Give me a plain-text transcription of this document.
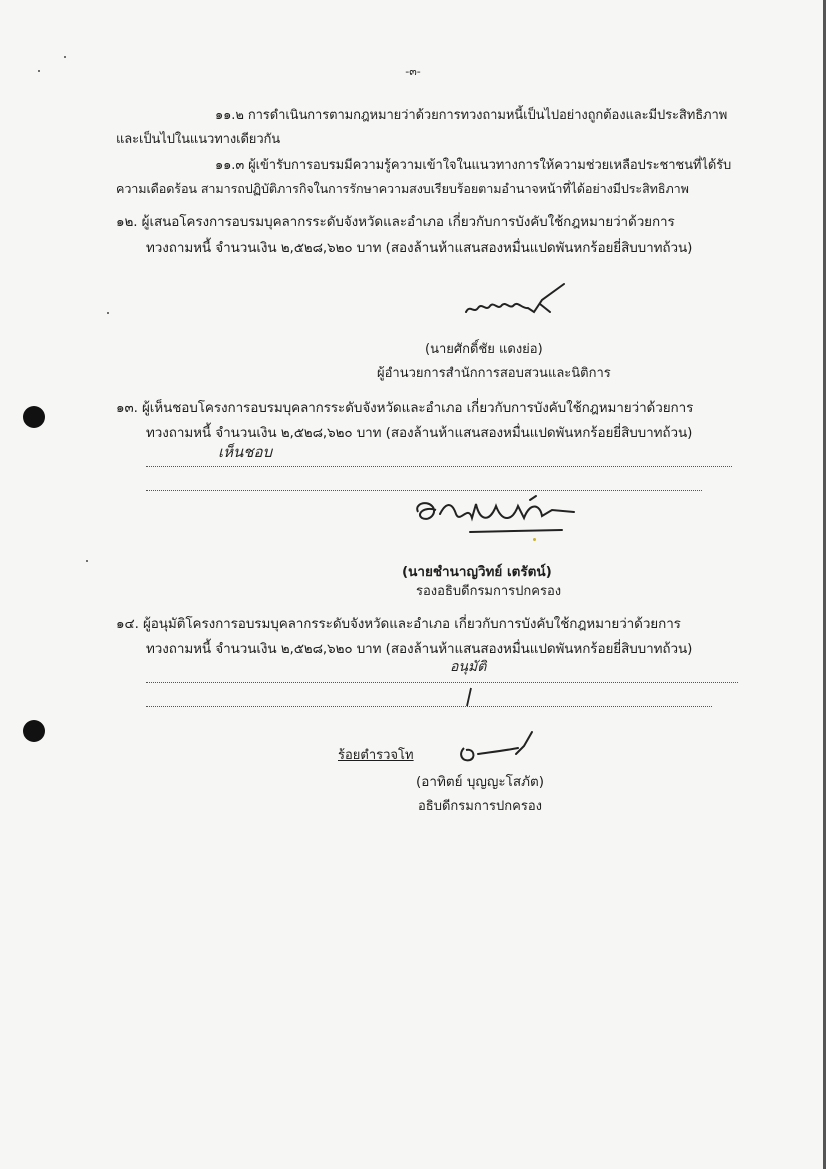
-๓-
๑๑.๒ การดำเนินการตามกฎหมายว่าด้วยการทวงถามหนี้เป็นไปอย่างถูกต้องและมีประสิทธิภาพ
และเป็นไปในแนวทางเดียวกัน
๑๑.๓ ผู้เข้ารับการอบรมมีความรู้ความเข้าใจในแนวทางการให้ความช่วยเหลือประชาชนที่ได้รับ
ความเดือดร้อน สามารถปฏิบัติภารกิจในการรักษาความสงบเรียบร้อยตามอำนาจหน้าที่ได้อย่างมีประสิทธิภาพ
๑๒. ผู้เสนอโครงการอบรมบุคลากรระดับจังหวัดและอำเภอ เกี่ยวกับการบังคับใช้กฎหมายว่าด้วยการ
ทวงถามหนี้ จำนวนเงิน ๒,๕๒๘,๖๒๐ บาท (สองล้านห้าแสนสองหมื่นแปดพันหกร้อยยี่สิบบาทถ้วน)
(นายศักดิ์ชัย แดงย่อ)
ผู้อำนวยการสำนักการสอบสวนและนิติการ
๑๓. ผู้เห็นชอบโครงการอบรมบุคลากรระดับจังหวัดและอำเภอ เกี่ยวกับการบังคับใช้กฎหมายว่าด้วยการ
ทวงถามหนี้ จำนวนเงิน ๒,๕๒๘,๖๒๐ บาท (สองล้านห้าแสนสองหมื่นแปดพันหกร้อยยี่สิบบาทถ้วน)
เห็นชอบ
(นายชำนาญวิทย์ เตรัตน์)
รองอธิบดีกรมการปกครอง
๑๔. ผู้อนุมัติโครงการอบรมบุคลากรระดับจังหวัดและอำเภอ เกี่ยวกับการบังคับใช้กฎหมายว่าด้วยการ
ทวงถามหนี้ จำนวนเงิน ๒,๕๒๘,๖๒๐ บาท (สองล้านห้าแสนสองหมื่นแปดพันหกร้อยยี่สิบบาทถ้วน)
อนุมัติ
ร้อยตำรวจโท
(อาทิตย์ บุญญะโสภัต)
อธิบดีกรมการปกครอง
